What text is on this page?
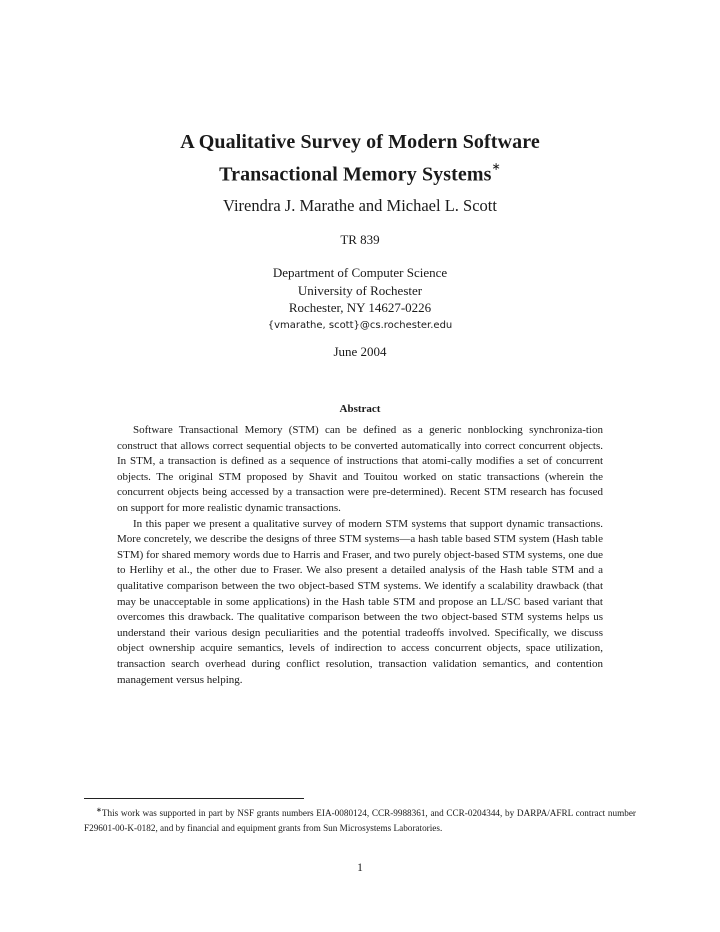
A Qualitative Survey of Modern Software
Transactional Memory Systems∗
Virendra J. Marathe and Michael L. Scott
TR 839
Department of Computer Science
University of Rochester
Rochester, NY 14627-0226
{vmarathe, scott}@cs.rochester.edu
June 2004
Abstract

Software Transactional Memory (STM) can be defined as a generic nonblocking synchroniza-tion construct that allows correct sequential objects to be converted automatically into correct concurrent objects. In STM, a transaction is defined as a sequence of instructions that atomi-cally modifies a set of concurrent objects. The original STM proposed by Shavit and Touitou worked on static transactions (wherein the concurrent objects being accessed by a transaction were pre-determined). Recent STM research has focused on support for more realistic dynamic transactions.

In this paper we present a qualitative survey of modern STM systems that support dynamic transactions. More concretely, we describe the designs of three STM systems—a hash table based STM system (Hash table STM) for shared memory words due to Harris and Fraser, and two purely object-based STM systems, one due to Herlihy et al., the other due to Fraser. We also present a detailed analysis of the Hash table STM and a qualitative comparison between the two object-based STM systems. We identify a scalability drawback (that may be unacceptable in some applications) in the Hash table STM and propose an LL/SC based variant that overcomes this drawback. The qualitative comparison between the two object-based STM systems helps us understand their various design peculiarities and the potential tradeoffs involved. Specifically, we discuss object ownership acquire semantics, levels of indirection to access concurrent objects, space utilization, transaction search overhead during conflict resolution, transaction validation semantics, and contention management versus helping.

∗This work was supported in part by NSF grants numbers EIA-0080124, CCR-9988361, and CCR-0204344, by DARPA/AFRL contract number F29601-00-K-0182, and by financial and equipment grants from Sun Microsystems Laboratories.
1
